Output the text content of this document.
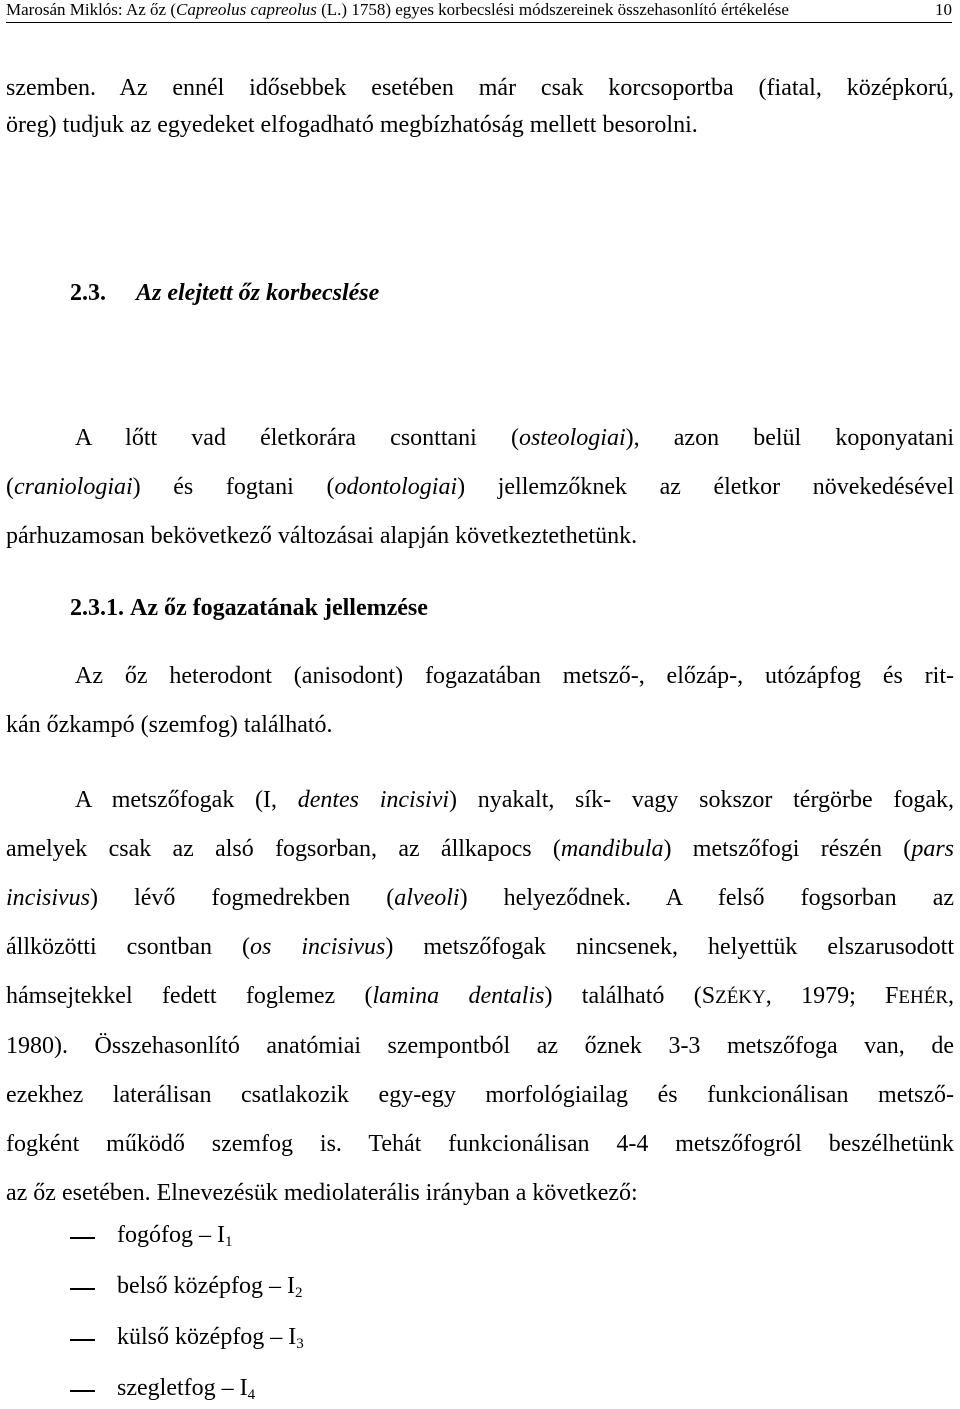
Marosán Miklós: Az őz (Capreolus capreolus (L.) 1758) egyes korbecslési módszereinek összehasonlító értékelése	10
szemben. Az ennél idősebbek esetében már csak korcsoportba (fiatal, középkorú,
öreg) tudjuk az egyedeket elfogadható megbízhatóság mellett besorolni.
2.3. Az elejtett őz korbecslése
A lőtt vad életkorára csonttani (osteologiai), azon belül koponyatani
(craniologiai) és fogtani (odontologiai) jellemzőknek az életkor növekedésével
párhuzamosan bekövetkező változásai alapján következtethetünk.
2.3.1. Az őz fogazatának jellemzése
Az őz heterodont (anisodont) fogazatában metsző-, előzáp-, utózápfog és rit-
kán őzkampó (szemfog) található.
A metszőfogak (I, dentes incisivi) nyakalt, sík- vagy sokszor térgörbe fogak,
amelyek csak az alsó fogsorban, az állkapocs (mandibula) metszőfogi részén (pars
incisivus) lévő fogmedrekben (alveoli) helyeződnek. A felső fogsorban az
állközötti csontban (os incisivus) metszőfogak nincsenek, helyettük elszarusodott
hámsejtekkel fedett foglemez (lamina dentalis) található (SZÉKY, 1979; FEHÉR,
1980). Összehasonlító anatómiai szempontból az őznek 3-3 metszőfoga van, de
ezekhez laterálisan csatlakozik egy-egy morfológiailag és funkcionálisan metsző-
fogként működő szemfog is. Tehát funkcionálisan 4-4 metszőfogról beszélhetünk
az őz esetében. Elnevezésük mediolaterális irányban a következő:
fogófog – $I_1$
belső középfog – $I_2$
külső középfog – $I_3$
szegletfog – $I_4$
